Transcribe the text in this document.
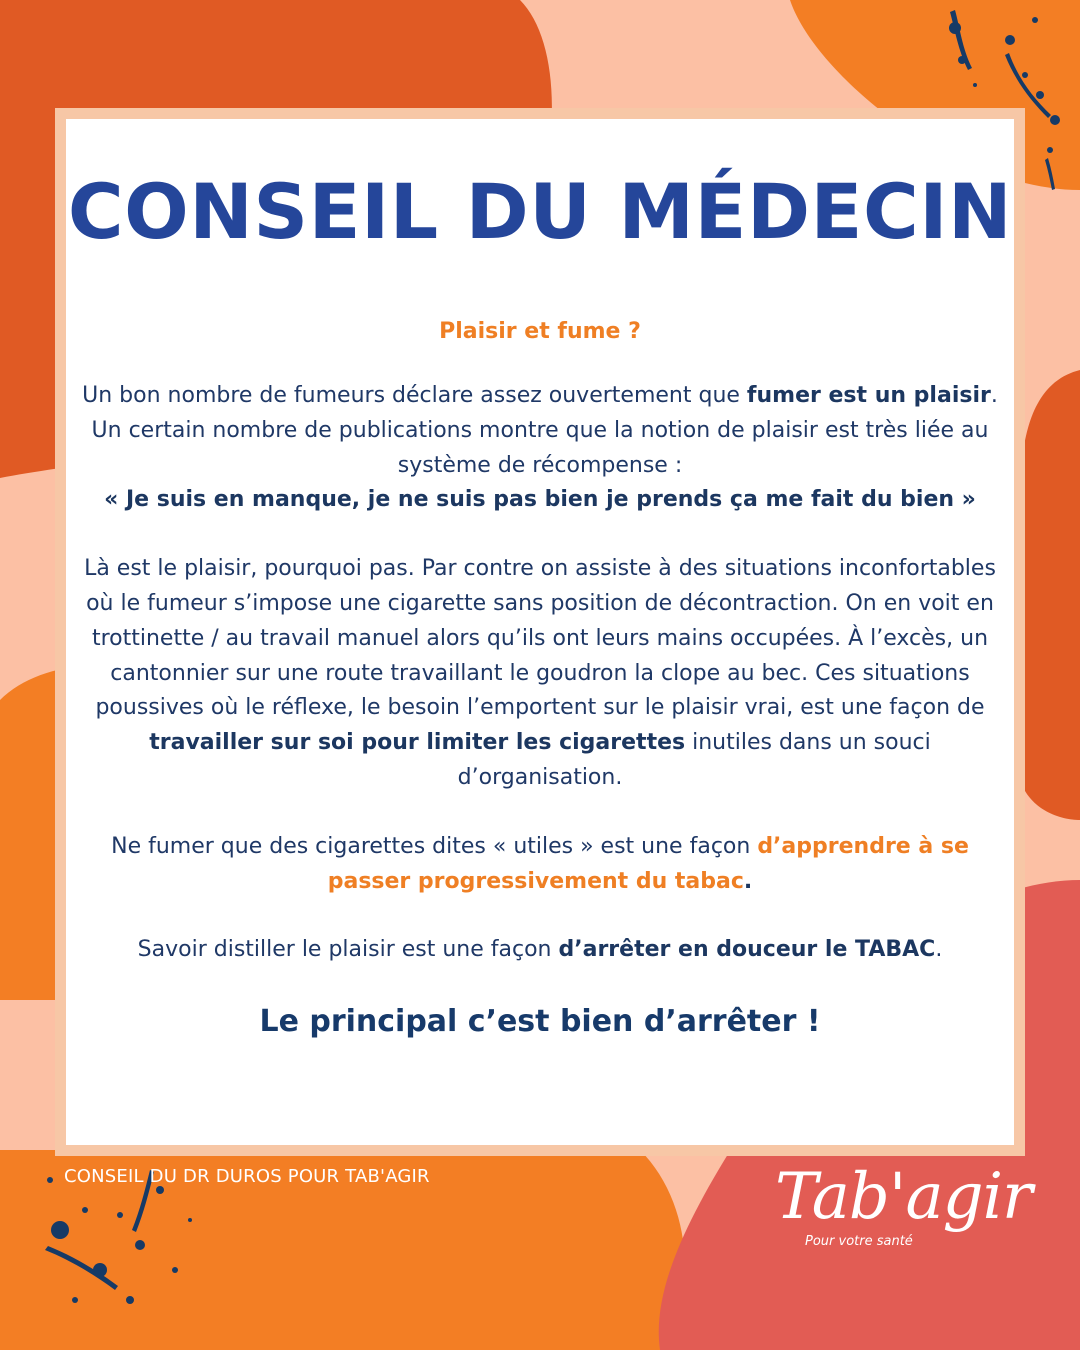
CONSEIL DU MÉDECIN
Plaisir et fume ?
Un bon nombre de fumeurs déclare assez ouvertement que fumer est un plaisir. Un certain nombre de publications montre que la notion de plaisir est très liée au système de récompense :
« Je suis en manque, je ne suis pas bien je prends ça me fait du bien »
Là est le plaisir, pourquoi pas. Par contre on assiste à des situations inconfortables où le fumeur s’impose une cigarette sans position de décontraction. On en voit en trottinette / au travail manuel alors qu’ils ont leurs mains occupées. À l’excès, un cantonnier sur une route travaillant le goudron la clope au bec. Ces situations poussives où le réflexe, le besoin l’emportent sur le plaisir vrai, est une façon de travailler sur soi pour limiter les cigarettes inutiles dans un souci d’organisation.
Ne fumer que des cigarettes dites « utiles » est une façon d’apprendre à se passer progressivement du tabac.
Savoir distiller le plaisir est une façon d’arrêter en douceur le TABAC.
Le principal c’est bien d’arrêter !
CONSEIL DU DR DUROS POUR TAB'AGIR	Tab'agir
Pour votre santé
